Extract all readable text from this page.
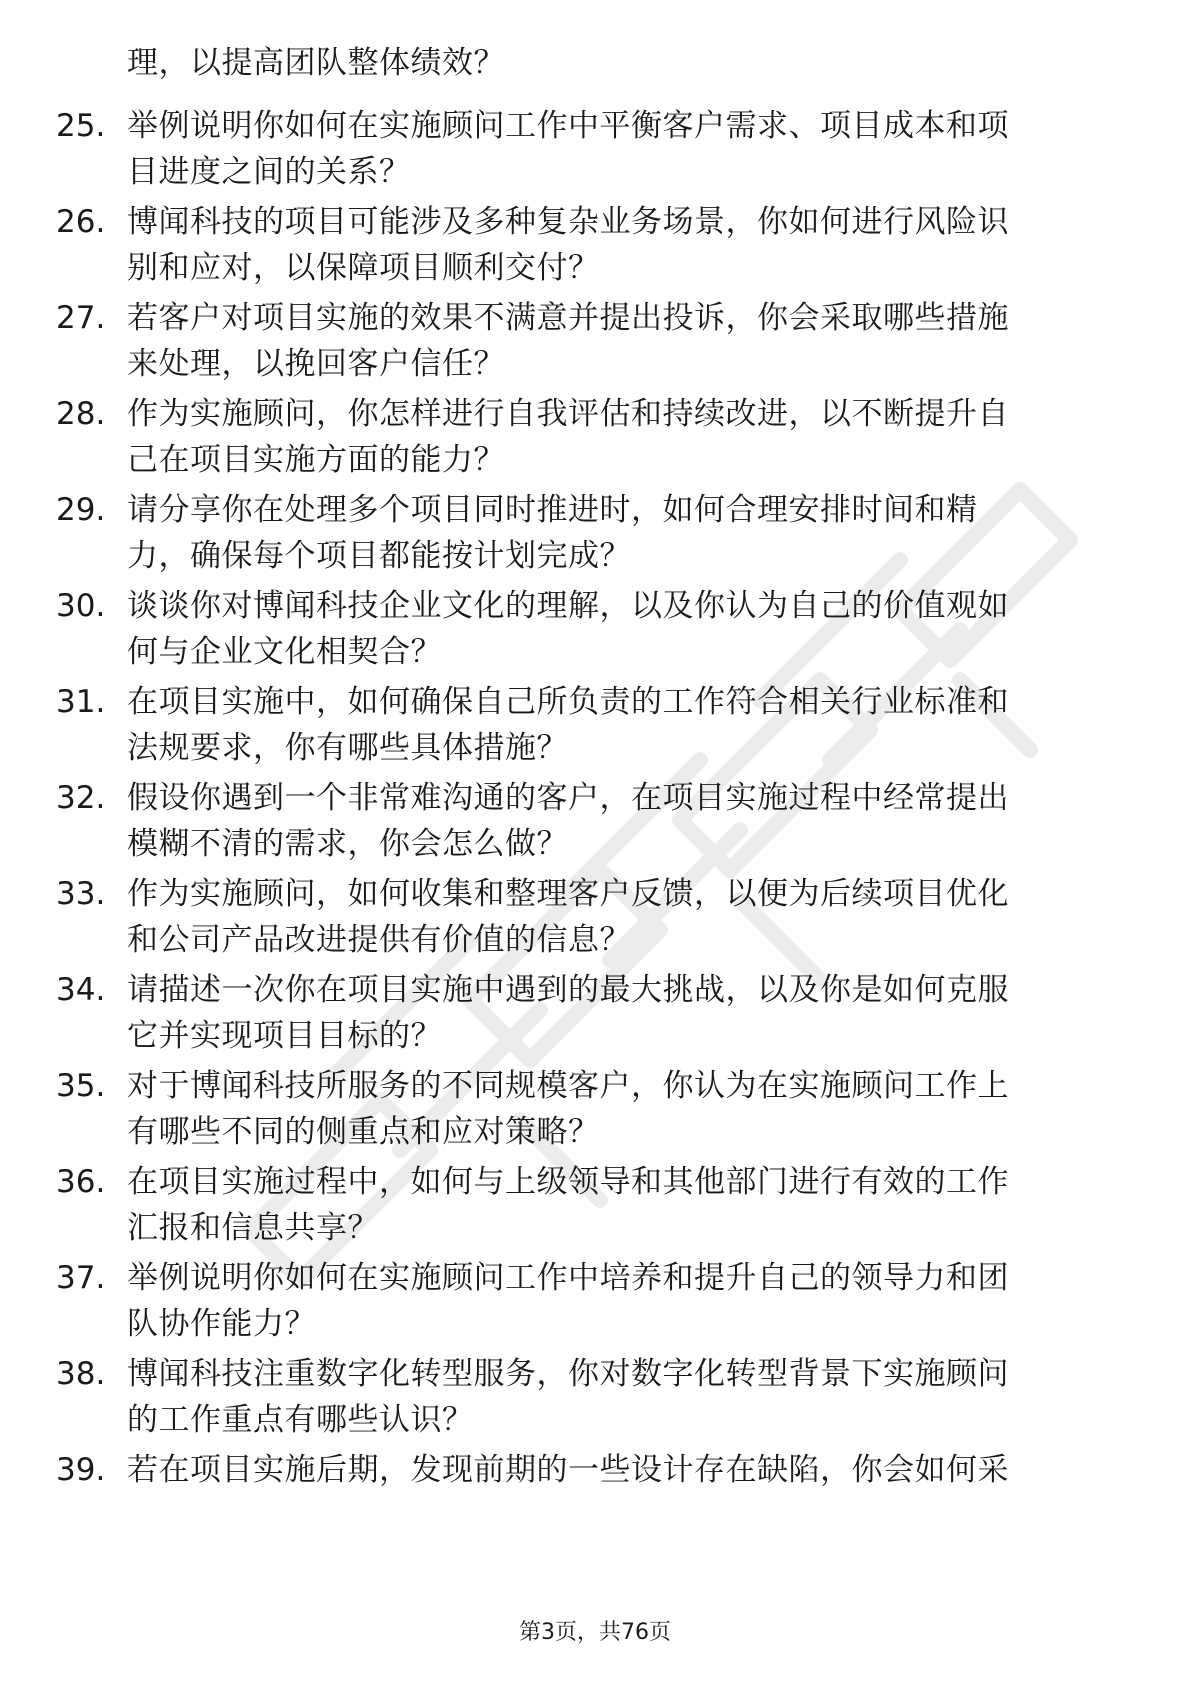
理，以提高团队整体绩效？
25. 举例说明你如何在实施顾问工作中平衡客户需求、项目成本和项
目进度之间的关系？
26. 博闻科技的项目可能涉及多种复杂业务场景，你如何进行风险识
别和应对，以保障项目顺利交付？
27. 若客户对项目实施的效果不满意并提出投诉，你会采取哪些措施
来处理，以挽回客户信任？
28. 作为实施顾问，你怎样进行自我评估和持续改进，以不断提升自
己在项目实施方面的能力？
29. 请分享你在处理多个项目同时推进时，如何合理安排时间和精
力，确保每个项目都能按计划完成？
30. 谈谈你对博闻科技企业文化的理解，以及你认为自己的价值观如
何与企业文化相契合？
31. 在项目实施中，如何确保自己所负责的工作符合相关行业标准和
法规要求，你有哪些具体措施？
32. 假设你遇到一个非常难沟通的客户，在项目实施过程中经常提出
模糊不清的需求，你会怎么做？
33. 作为实施顾问，如何收集和整理客户反馈，以便为后续项目优化
和公司产品改进提供有价值的信息？
34. 请描述一次你在项目实施中遇到的最大挑战，以及你是如何克服
它并实现项目目标的？
35. 对于博闻科技所服务的不同规模客户，你认为在实施顾问工作上
有哪些不同的侧重点和应对策略？
36. 在项目实施过程中，如何与上级领导和其他部门进行有效的工作
汇报和信息共享？
37. 举例说明你如何在实施顾问工作中培养和提升自己的领导力和团
队协作能力？
38. 博闻科技注重数字化转型服务，你对数字化转型背景下实施顾问
的工作重点有哪些认识？
39. 若在项目实施后期，发现前期的一些设计存在缺陷，你会如何采
第3页，共76页
